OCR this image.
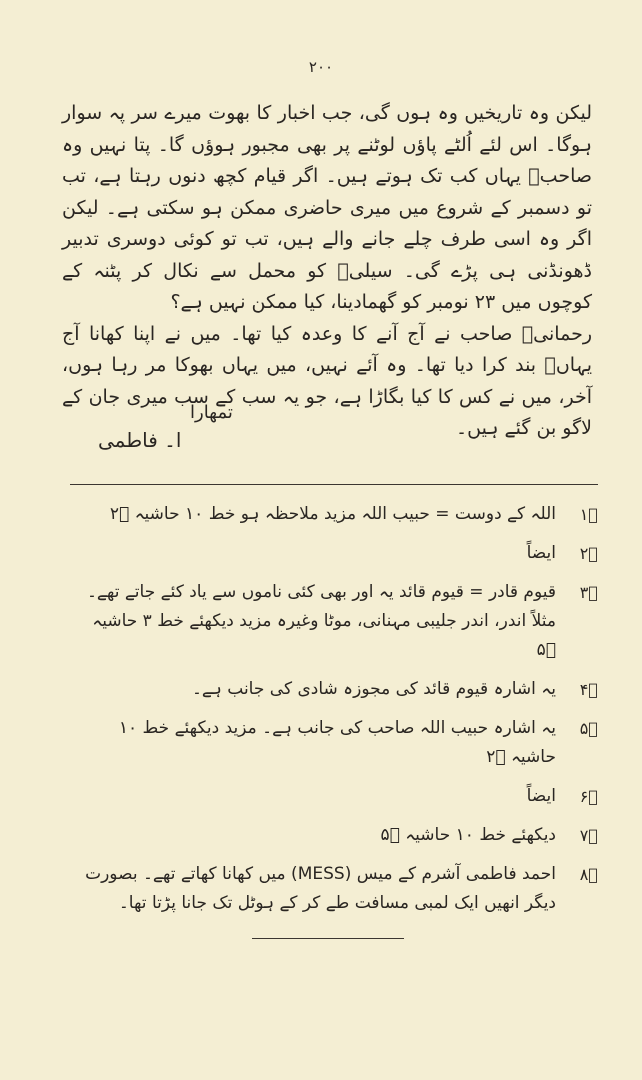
۲۰۰

لیکن وہ تاریخیں وہ ہوں گی، جب اخبار کا بھوت میرے سر پہ سوار ہوگا۔ اس لئے اُلٹے پاؤں لوٹنے پر بھی مجبور ہوؤں گا۔ پتا نہیں وہ صاحبؒ یہاں کب تک ہوتے ہیں۔ اگر قیام کچھ دنوں رہتا ہے، تب تو دسمبر کے شروع میں میری حاضری ممکن ہو سکتی ہے۔ لیکن اگر وہ اسی طرف چلے جانے والے ہیں، تب تو کوئی دوسری تدبیر ڈھونڈنی ہی پڑے گی۔ سیلیؒ کو محمل سے نکال کر پٹنہ کے کوچوں میں ۲۳ نومبر کو گھمادینا، کیا ممکن نہیں ہے؟

رحمانیؒ صاحب نے آج آنے کا وعدہ کیا تھا۔ میں نے اپنا کھانا آج یہاںؒ بند کرا دیا تھا۔ وہ آئے نہیں، میں یہاں بھوکا مر رہا ہوں، آخر، میں نے کس کا کیا بگاڑا ہے، جو یہ سب کے سب میری جان کے لاگو بن گئے ہیں۔

تمھارا
ا۔ فاطمی
۱ؒ
اللہ کے دوست = حبیب اللہ مزید ملاحظہ ہو خط ۱۰ حاشیہ ۲ؒ
۲ؒ
ایضاً
۳ؒ
قیوم قادر = قیوم قائد یہ اور بھی کئی ناموں سے یاد کئے جاتے تھے۔ مثلاً اندر، اندر جلیبی مہنانی، موٹا وغیرہ مزید دیکھئے خط ۳ حاشیہ ۵ؒ
۴ؒ
یہ اشارہ قیوم قائد کی مجوزہ شادی کی جانب ہے۔
۵ؒ
یہ اشارہ حبیب اللہ صاحب کی جانب ہے۔ مزید دیکھئے خط ۱۰ حاشیہ ۲ؒ
۶ؒ
ایضاً
۷ؒ
دیکھئے خط ۱۰ حاشیہ ۵ؒ
۸ؒ
احمد فاطمی آشرم کے میس (MESS) میں کھانا کھاتے تھے۔ بصورت دیگر انھیں ایک لمبی مسافت طے کر کے ہوٹل تک جانا پڑتا تھا۔
